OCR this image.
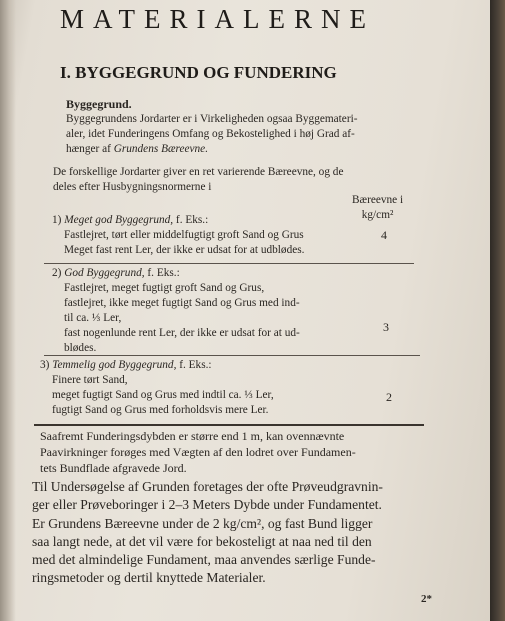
MATERIALERNE
I. BYGGEGRUND OG FUNDERING
Byggegrund.
Byggegrundens Jordarter er i Virkeligheden ogsaa Byggemateri-
aler, idet Funderingens Omfang og Bekostelighed i høj Grad af-
hænger af Grundens Bæreevne.
De forskellige Jordarter giver en ret varierende Bæreevne, og de
deles efter Husbygningsnormerne i
Bæreevne i
kg/cm²
1) Meget god Byggegrund, f. Eks.:
Fastlejret, tørt eller middelfugtigt groft Sand og Grus
Meget fast rent Ler, der ikke er udsat for at udblødes.
4
2) God Byggegrund, f. Eks.:
Fastlejret, meget fugtigt groft Sand og Grus,
fastlejret, ikke meget fugtigt Sand og Grus med ind-
til ca. ⅓ Ler,
fast nogenlunde rent Ler, der ikke er udsat for at ud-
blødes.
3
3) Temmelig god Byggegrund, f. Eks.:
Finere tørt Sand,
meget fugtigt Sand og Grus med indtil ca. ⅓ Ler,
fugtigt Sand og Grus med forholdsvis mere Ler.
2
Saafremt Funderingsdybden er større end 1 m, kan ovennævnte
Paavirkninger forøges med Vægten af den lodret over Fundamen-
tets Bundflade afgravede Jord.
Til Undersøgelse af Grunden foretages der ofte Prøveudgravnin-
ger eller Prøveboringer i 2–3 Meters Dybde under Fundamentet.
Er Grundens Bæreevne under de 2 kg/cm², og fast Bund ligger
saa langt nede, at det vil være for bekosteligt at naa ned til den
med det almindelige Fundament, maa anvendes særlige Funde-
ringsmetoder og dertil knyttede Materialer.
2*
